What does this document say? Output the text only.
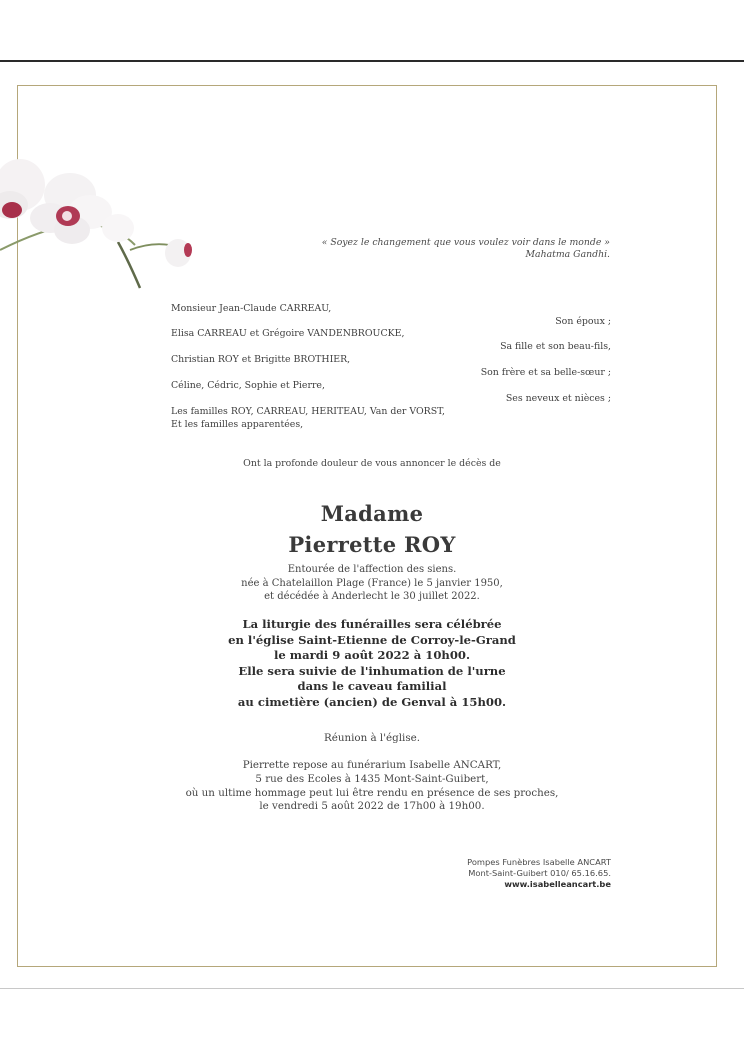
« Soyez le changement que vous voulez voir dans le monde »
Mahatma Gandhi.
Monsieur Jean-Claude CARREAU,
Son époux ;
Elisa CARREAU et Grégoire VANDENBROUCKE,
Sa fille et son beau-fils,
Christian ROY et Brigitte BROTHIER,
Son frère et sa belle-sœur ;
Céline, Cédric, Sophie et Pierre,
Ses neveux et nièces ;
Les familles ROY, CARREAU, HERITEAU, Van der VORST,
Et les familles apparentées,
Ont la profonde douleur de vous annoncer le décès de
Madame
Pierrette ROY
Entourée de l'affection des siens.
née à Chatelaillon Plage (France) le 5 janvier 1950,
et décédée à Anderlecht le 30 juillet 2022.
La liturgie des funérailles sera célébrée
en l'église Saint-Etienne de Corroy-le-Grand
le mardi 9 août 2022 à 10h00.
Elle sera suivie de l'inhumation de l'urne
dans le caveau familial
au cimetière (ancien) de Genval à 15h00.
Réunion à l'église.
Pierrette repose au funérarium Isabelle ANCART,
5 rue des Ecoles à 1435 Mont-Saint-Guibert,
où un ultime hommage peut lui être rendu en présence de ses proches,
le vendredi 5 août 2022 de 17h00 à 19h00.
Pompes Funèbres Isabelle ANCART
Mont-Saint-Guibert 010/ 65.16.65.
www.isabelleancart.be
